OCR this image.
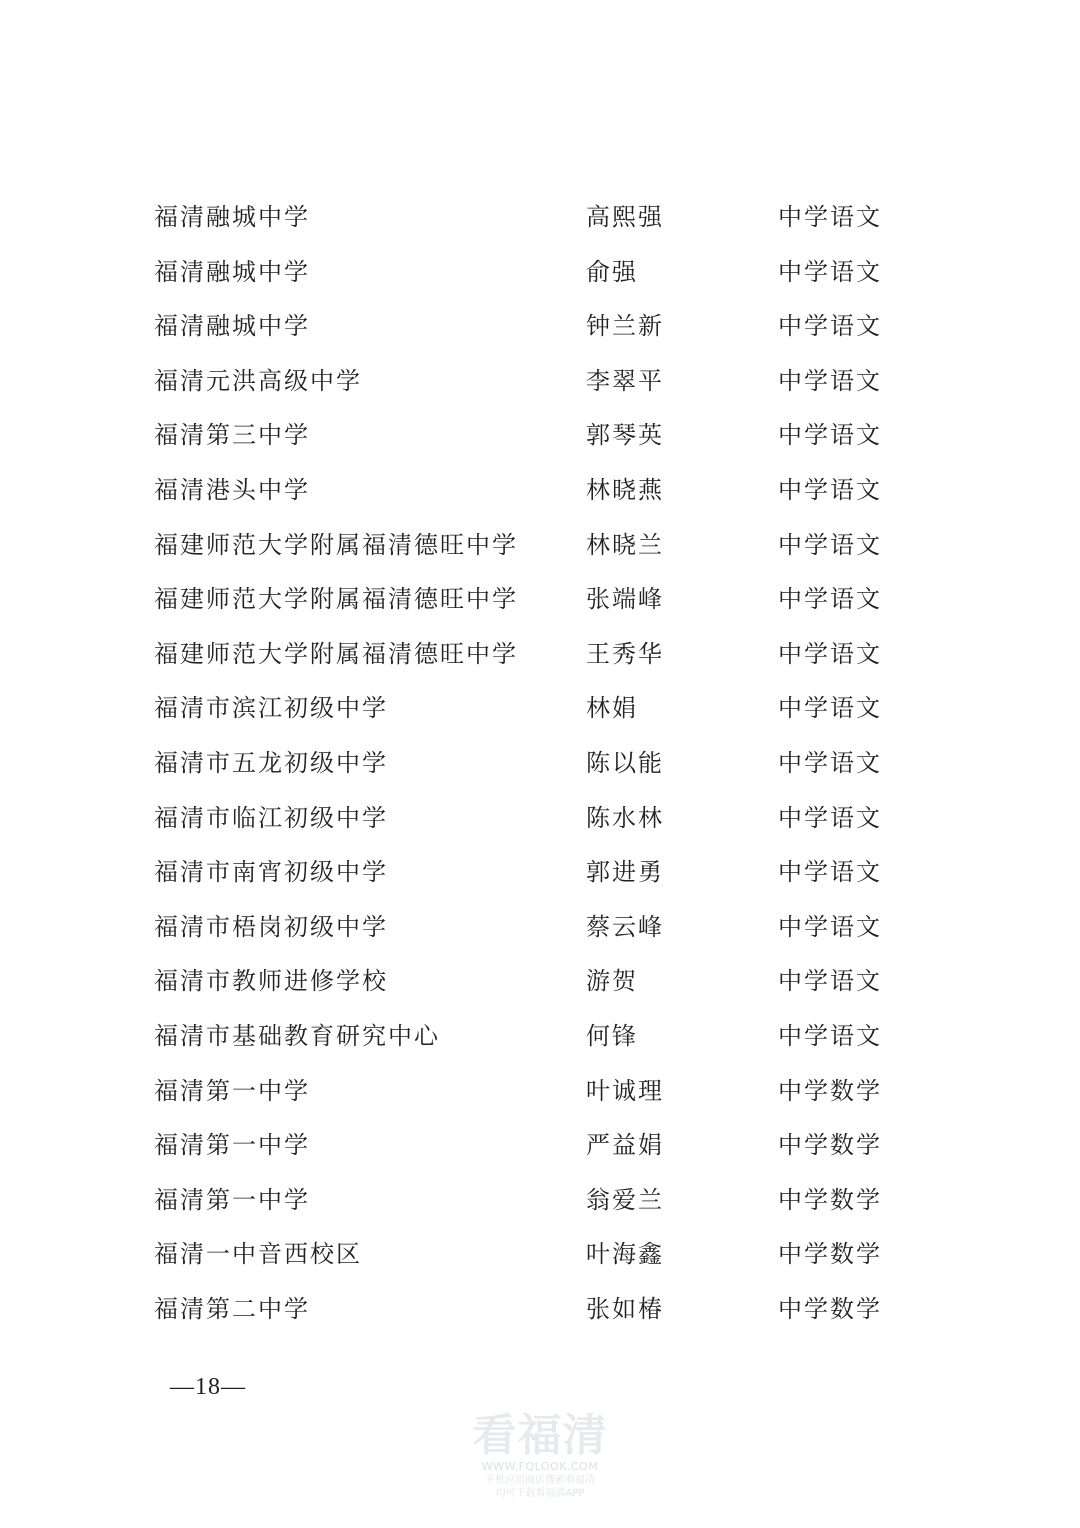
福清融城中学	高熙强	中学语文
福清融城中学	俞强	中学语文
福清融城中学	钟兰新	中学语文
福清元洪高级中学	李翠平	中学语文
福清第三中学	郭琴英	中学语文
福清港头中学	林晓燕	中学语文
福建师范大学附属福清德旺中学	林晓兰	中学语文
福建师范大学附属福清德旺中学	张端峰	中学语文
福建师范大学附属福清德旺中学	王秀华	中学语文
福清市滨江初级中学	林娟	中学语文
福清市五龙初级中学	陈以能	中学语文
福清市临江初级中学	陈水林	中学语文
福清市南宵初级中学	郭进勇	中学语文
福清市梧岗初级中学	蔡云峰	中学语文
福清市教师进修学校	游贺	中学语文
福清市基础教育研究中心	何锋	中学语文
福清第一中学	叶诚理	中学数学
福清第一中学	严益娟	中学数学
福清第一中学	翁爱兰	中学数学
福清一中音西校区	叶海鑫	中学数学
福清第二中学	张如椿	中学数学
—18—
看福清
WWW.FQLOOK.COM
手机应用商店搜索看福清
均可下载看福清APP
